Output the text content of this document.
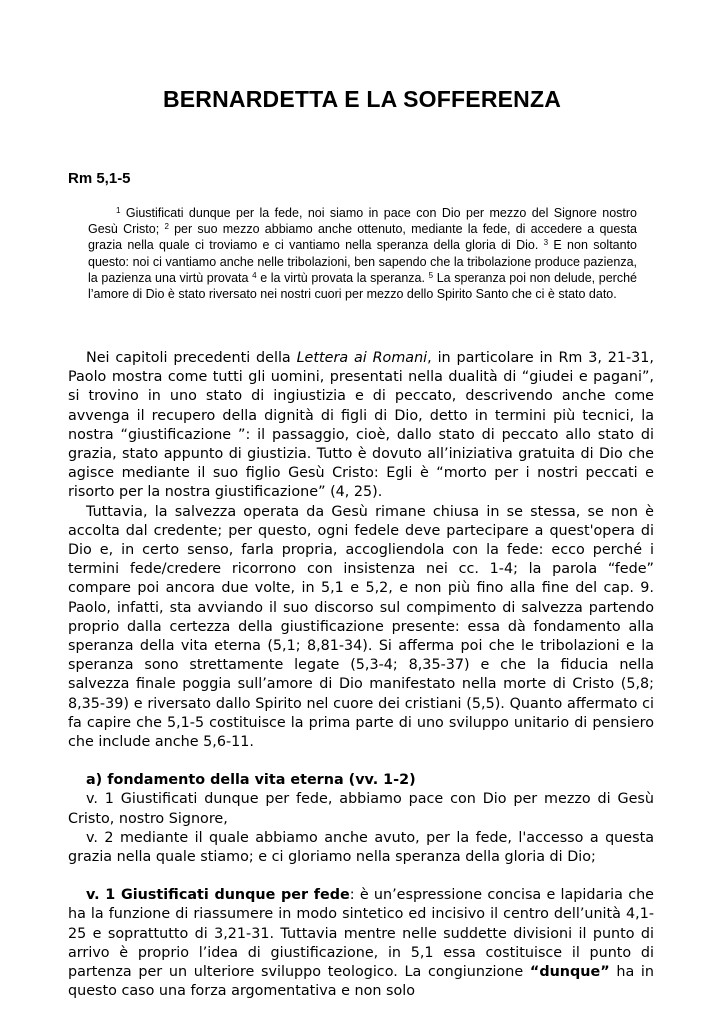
BERNARDETTA E LA SOFFERENZA

Rm 5,1-5

$^1$ Giustificati dunque per la fede, noi siamo in pace con Dio per mezzo del Signore nostro Gesù Cristo; $^2$ per suo mezzo abbiamo anche ottenuto, mediante la fede, di accedere a questa grazia nella quale ci troviamo e ci vantiamo nella speranza della gloria di Dio. $^3$ E non soltanto questo: noi ci vantiamo anche nelle tribolazioni, ben sapendo che la tribolazione produce pazienza, la pazienza una virtù provata $^4$ e la virtù provata la speranza. $^5$ La speranza poi non delude, perché l’amore di Dio è stato riversato nei nostri cuori per mezzo dello Spirito Santo che ci è stato dato.

Nei capitoli precedenti della Lettera ai Romani, in particolare in Rm 3, 21-31, Paolo mostra come tutti gli uomini, presentati nella dualità di “giudei e pagani”, si trovino in uno stato di ingiustizia e di peccato, descrivendo anche come avvenga il recupero della dignità di figli di Dio, detto in termini più tecnici, la nostra “giustificazione ”: il passaggio, cioè, dallo stato di peccato allo stato di grazia, stato appunto di giustizia. Tutto è dovuto all’iniziativa gratuita di Dio che agisce mediante il suo figlio Gesù Cristo: Egli è “morto per i nostri peccati e risorto per la nostra giustificazione” (4, 25).

Tuttavia, la salvezza operata da Gesù rimane chiusa in se stessa, se non è accolta dal credente; per questo, ogni fedele deve partecipare a quest'opera di Dio e, in certo senso, farla propria, accogliendola con la fede: ecco perché i termini fede/credere ricorrono con insistenza nei cc. 1-4; la parola “fede” compare poi ancora due volte, in 5,1 e 5,2, e non più fino alla fine del cap. 9. Paolo, infatti, sta avviando il suo discorso sul compimento di salvezza partendo proprio dalla certezza della giustificazione presente: essa dà fondamento alla speranza della vita eterna (5,1; 8,81-34). Si afferma poi che le tribolazioni e la speranza sono strettamente legate (5,3-4; 8,35-37) e che la fiducia nella salvezza finale poggia sull’amore di Dio manifestato nella morte di Cristo (5,8; 8,35-39) e riversato dallo Spirito nel cuore dei cristiani (5,5). Quanto affermato ci fa capire che 5,1-5 costituisce la prima parte di uno sviluppo unitario di pensiero che include anche 5,6-11.

a) fondamento della vita eterna (vv. 1-2)

v. 1 Giustificati dunque per fede, abbiamo pace con Dio per mezzo di Gesù Cristo, nostro Signore,

v. 2 mediante il quale abbiamo anche avuto, per la fede, l'accesso a questa grazia nella quale stiamo; e ci gloriamo nella speranza della gloria di Dio;

v. 1 Giustificati dunque per fede: è un’espressione concisa e lapidaria che ha la funzione di riassumere in modo sintetico ed incisivo il centro dell’unità 4,1-25 e soprattutto di 3,21-31. Tuttavia mentre nelle suddette divisioni il punto di arrivo è proprio l’idea di giustificazione, in 5,1 essa costituisce il punto di partenza per un ulteriore sviluppo teologico. La congiunzione “dunque” ha in questo caso una forza argomentativa e non solo
